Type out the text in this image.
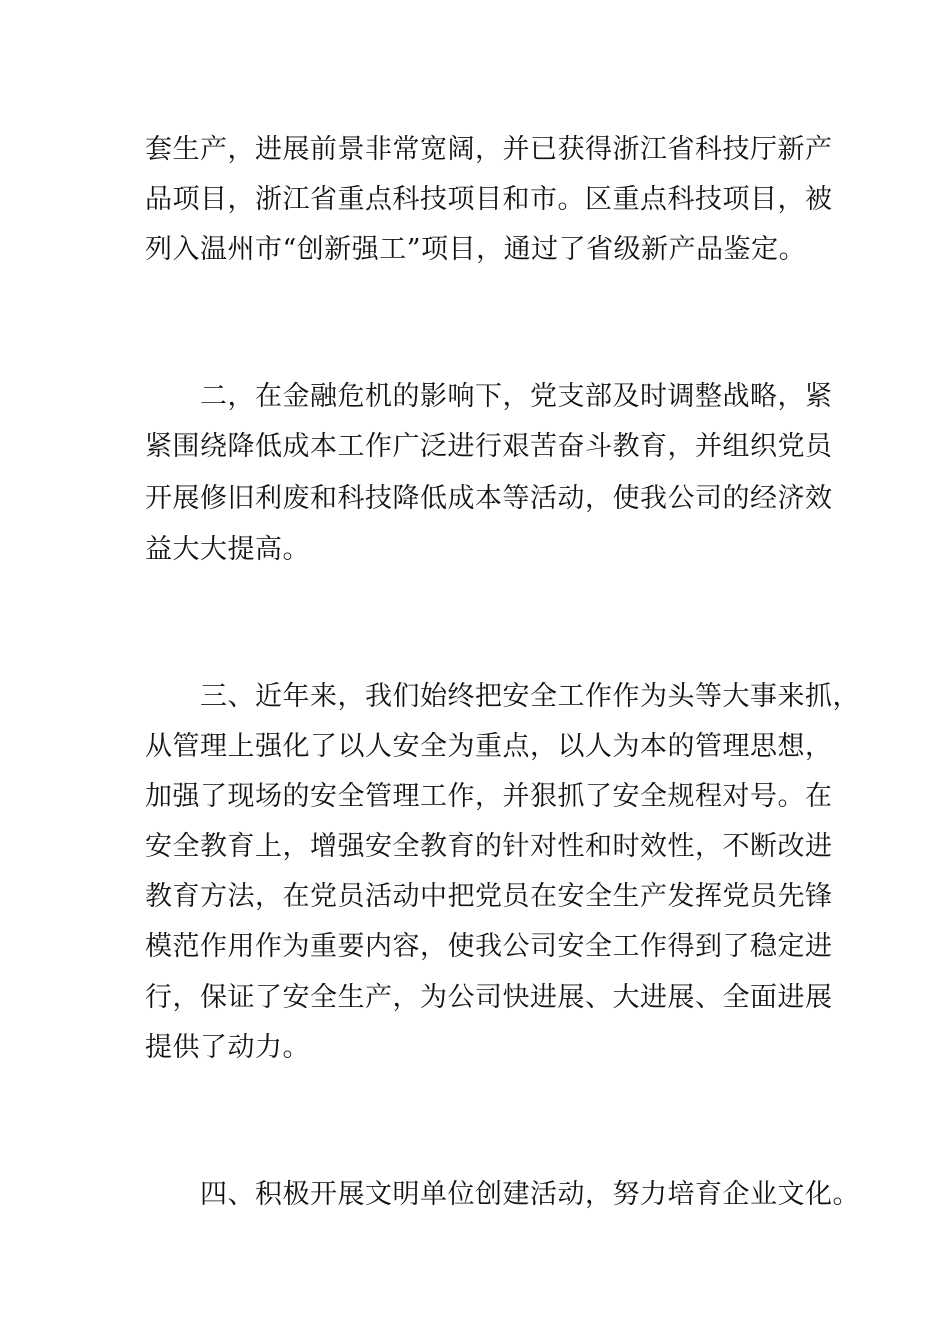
套生产，进展前景非常宽阔，并已获得浙江省科技厅新产
品项目，浙江省重点科技项目和市。区重点科技项目，被
列入温州市“创新强工”项目，通过了省级新产品鉴定。
二，在金融危机的影响下，党支部及时调整战略，紧
紧围绕降低成本工作广泛进行艰苦奋斗教育，并组织党员
开展修旧利废和科技降低成本等活动，使我公司的经济效
益大大提高。
三、近年来，我们始终把安全工作作为头等大事来抓，
从管理上强化了以人安全为重点，以人为本的管理思想，
加强了现场的安全管理工作，并狠抓了安全规程对号。在
安全教育上，增强安全教育的针对性和时效性，不断改进
教育方法，在党员活动中把党员在安全生产发挥党员先锋
模范作用作为重要内容，使我公司安全工作得到了稳定进
行，保证了安全生产，为公司快进展、大进展、全面进展
提供了动力。
四、积极开展文明单位创建活动，努力培育企业文化。
